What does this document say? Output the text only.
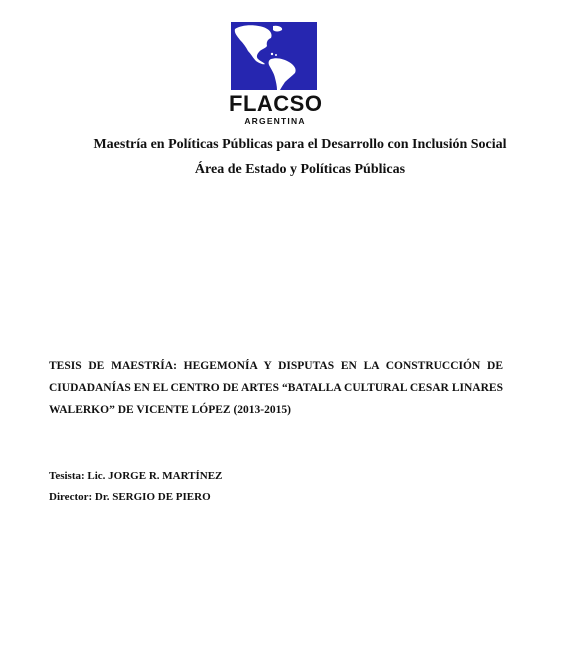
FLACSO
ARGENTINA
Maestría en Políticas Públicas para el Desarrollo con Inclusión Social
Área de Estado y Políticas Públicas
TESIS DE MAESTRÍA: HEGEMONÍA Y DISPUTAS EN LA CONSTRUCCIÓN DE CIUDADANÍAS EN EL CENTRO DE ARTES “BATALLA CULTURAL CESAR LINARES WALERKO” DE VICENTE LÓPEZ (2013-2015)
Tesista: Lic. JORGE R. MARTÍNEZ
Director: Dr. SERGIO DE PIERO
